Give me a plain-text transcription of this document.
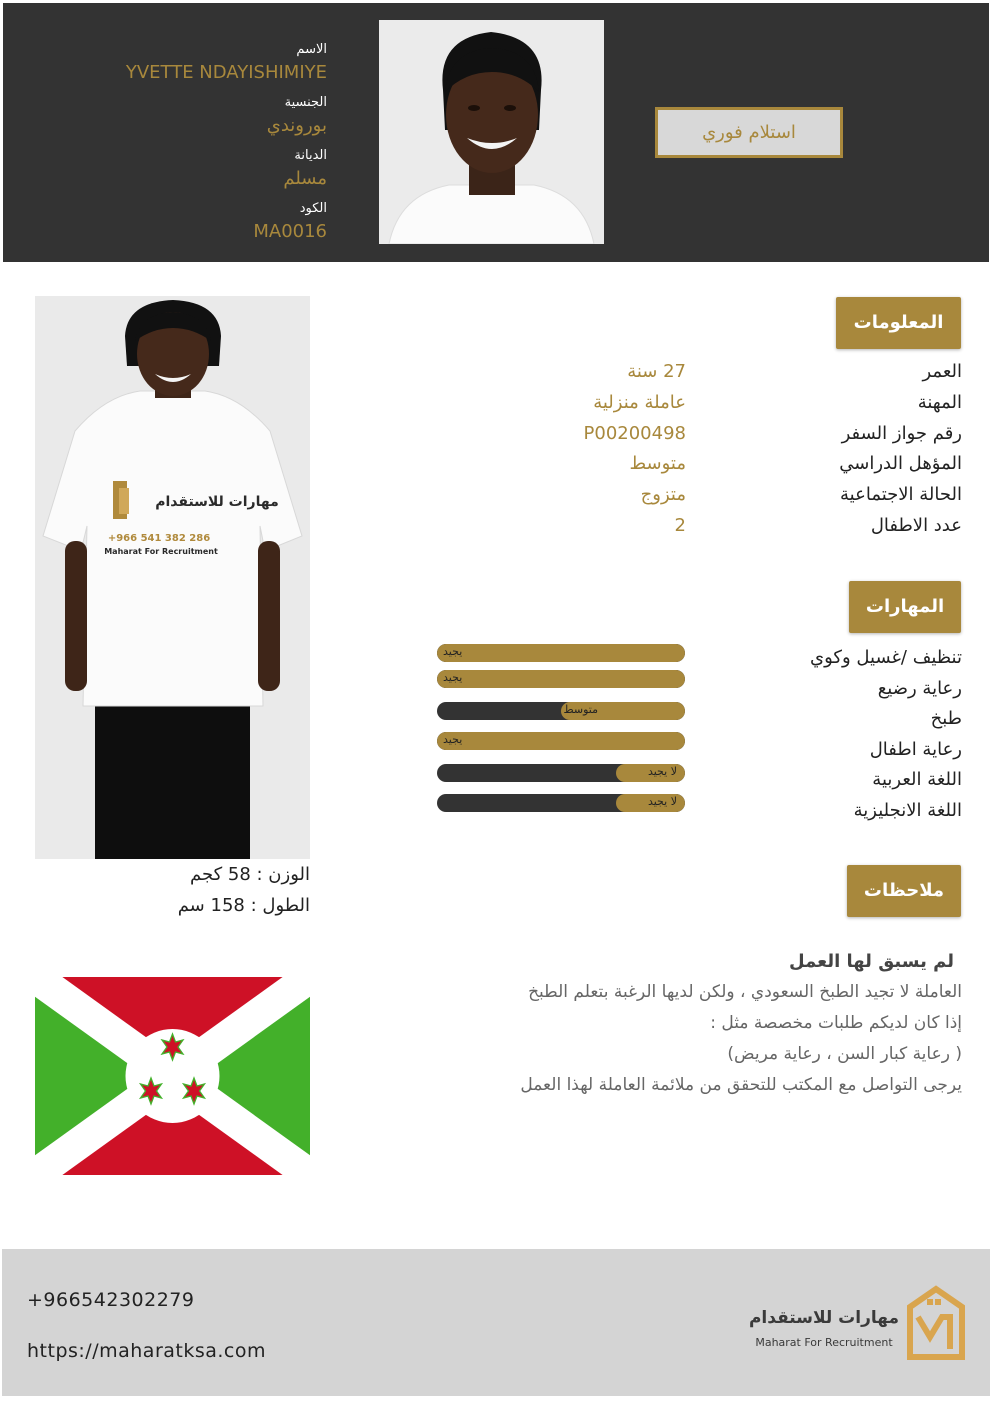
الاسم
YVETTE NDAYISHIMIYE
الجنسية
بوروندي
الديانة
مسلم
الكود
MA0016
استلام فوري
مهارات للاستقدام
+966 541 382 286
Maharat For Recruitment
الوزن : 58 كجم
الطول : 158 سم
المعلومات
العمر
27 سنة
المهنة
عاملة منزلية
رقم جواز السفر
P00200498
المؤهل الدراسي
متوسط
الحالة الاجتماعية
متزوج
عدد الاطفال
2
المهارات
تنظيف /غسيل وكوي
يجيد
رعاية رضيع
يجيد
طبخ
متوسط
رعاية اطفال
يجيد
اللغة العربية
لا يجيد
اللغة الانجليزية
لا يجيد
ملاحظات
لم يسبق لها العمل
العاملة لا تجيد الطبخ السعودي ، ولكن لديها الرغبة بتعلم الطبخ
إذا كان لديكم طلبات مخصصة مثل :
( رعاية كبار السن ، رعاية مريض)
يرجى التواصل مع المكتب للتحقق من ملائمة العاملة لهذا العمل
+966542302279
https://maharatksa.com
مهارات للاستقدام
Maharat For Recruitment
